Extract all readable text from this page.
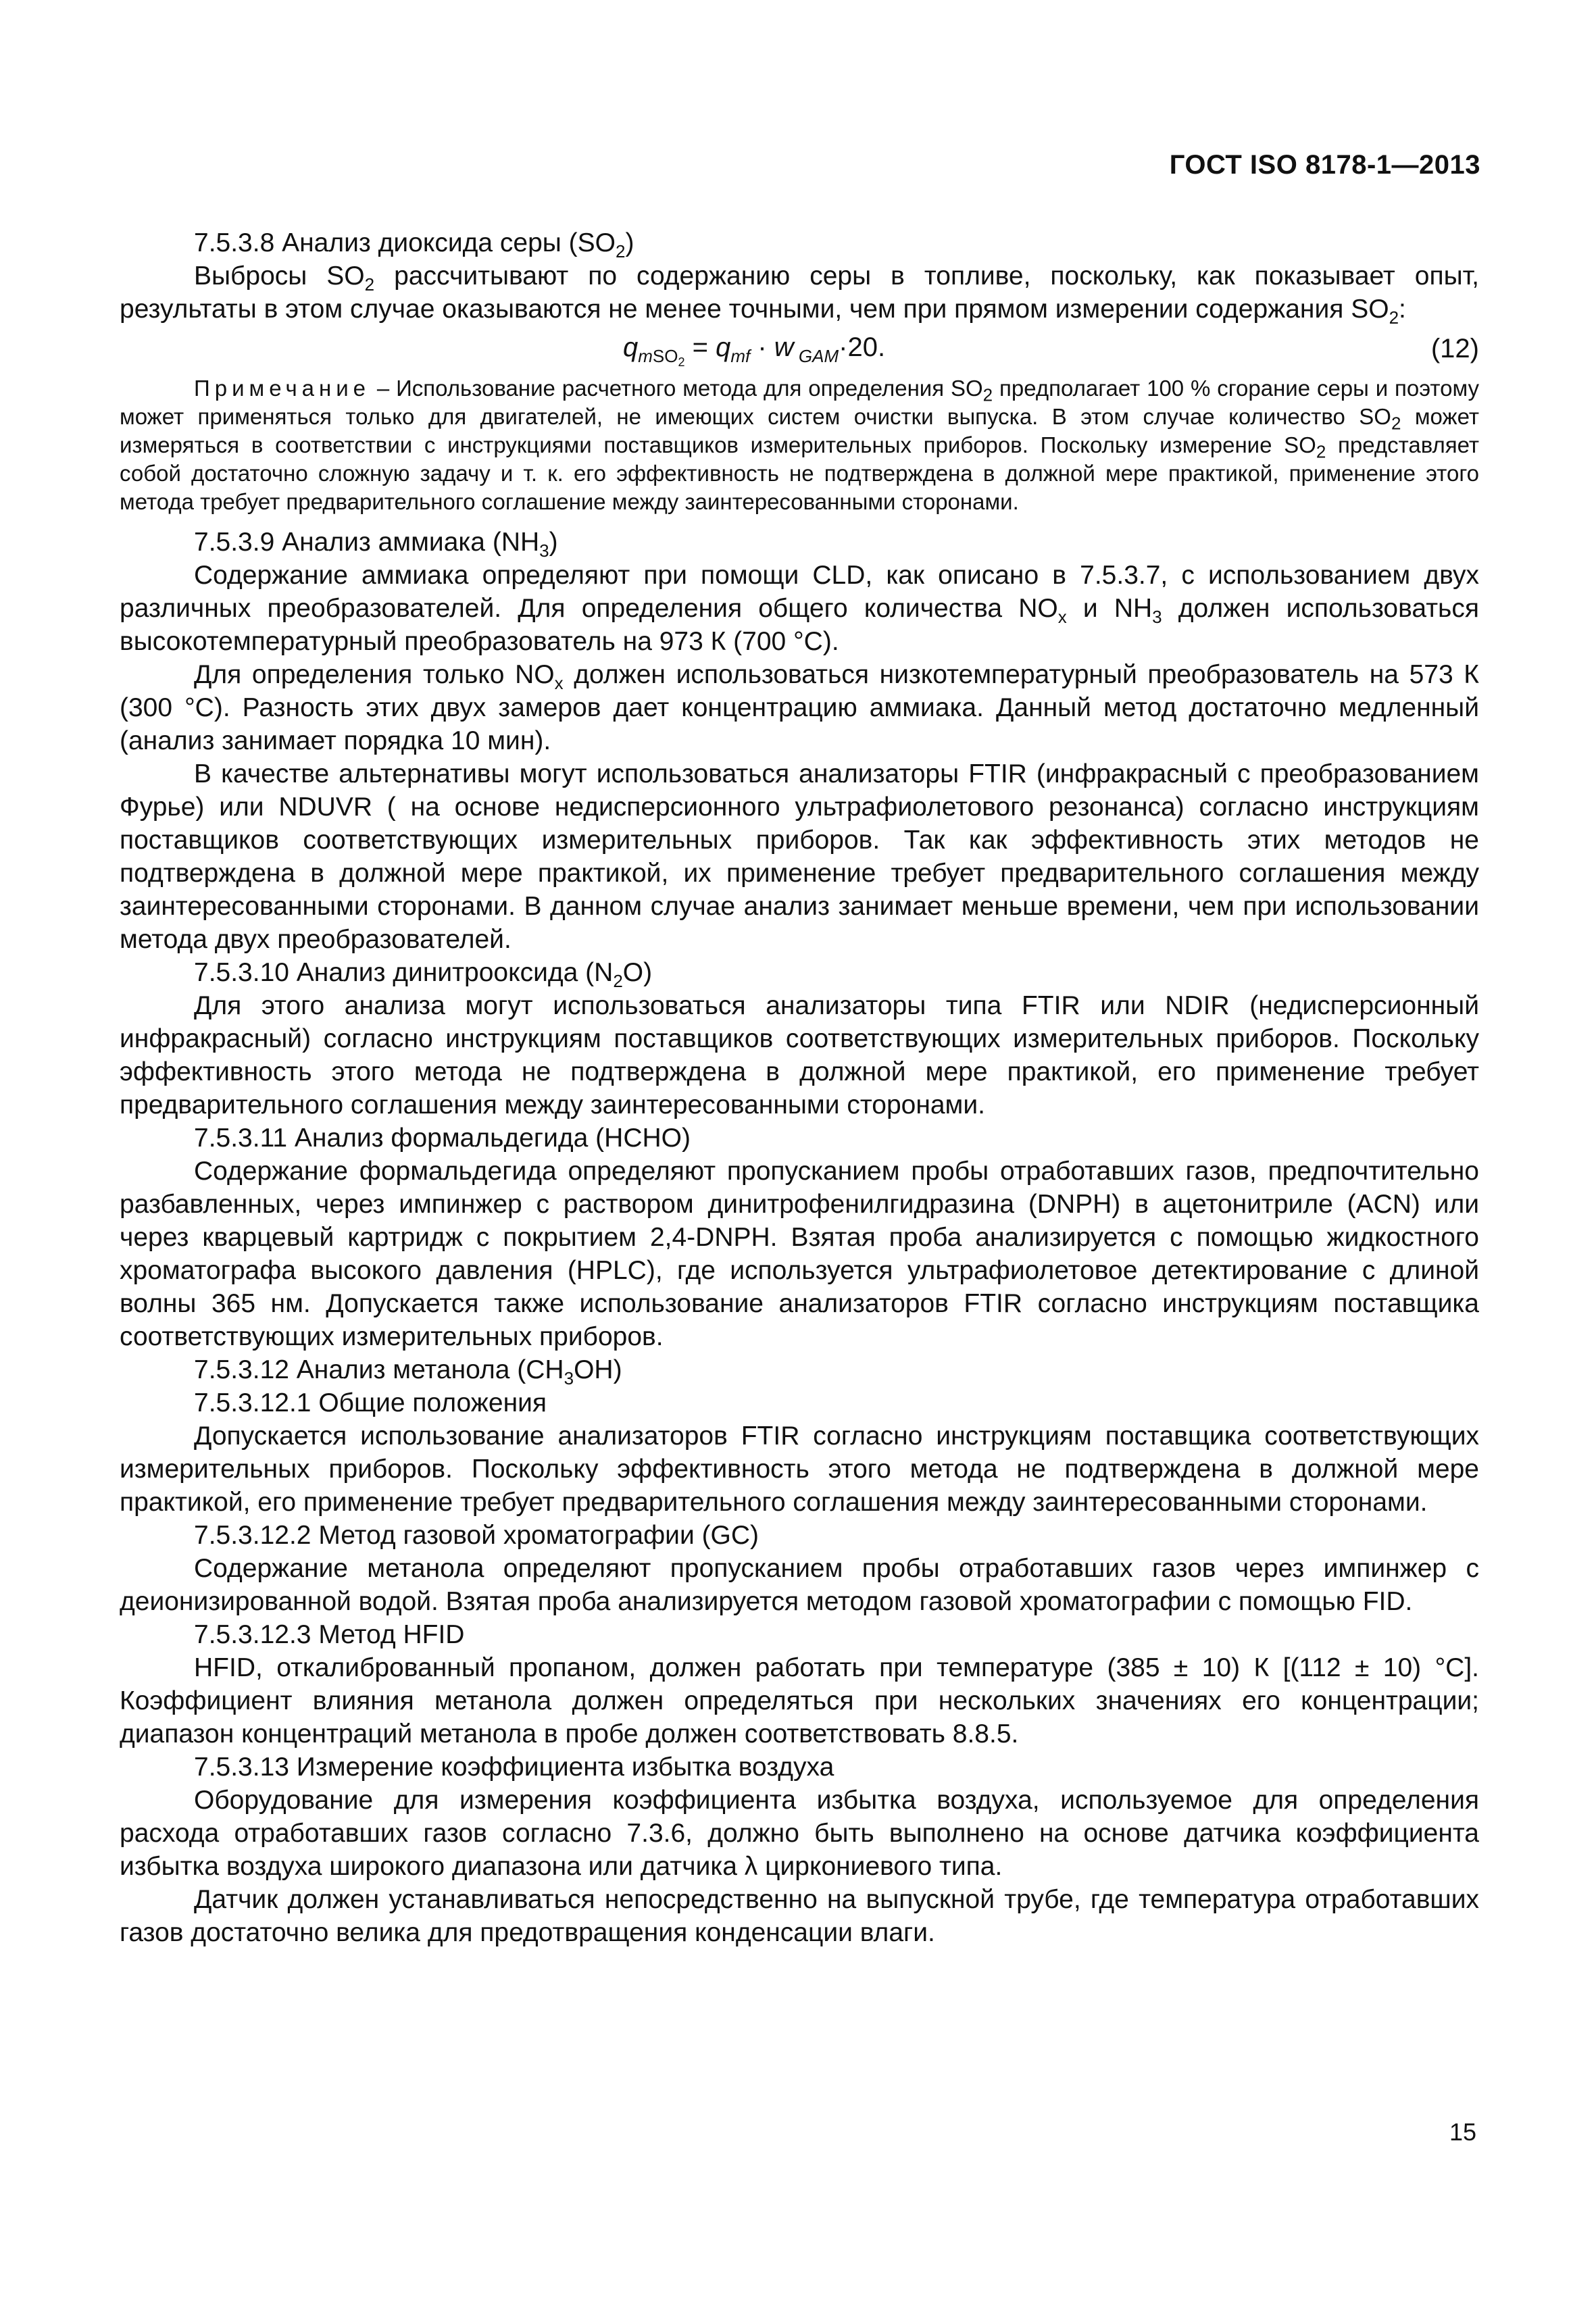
ГОСТ ISO 8178-1—2013

7.5.3.8 Анализ диоксида серы $(SO_2)$

Выбросы $SO_2$ рассчитывают по содержанию серы в топливе, поскольку, как показывает опыт, результаты в этом случае оказываются не менее точными, чем при прямом измерении содержания $SO_2$:

$q_{mSO_2} = q_{mf} \cdot w$ $_{GAM}$·20.	(12)

Примечание – Использование расчетного метода для определения $SO_2$ предполагает 100 % сгорание серы и поэтому может применяться только для двигателей, не имеющих систем очистки выпуска. В этом случае количество $SO_2$ может измеряться в соответствии с инструкциями поставщиков измерительных приборов. Поскольку измерение $SO_2$ представляет собой достаточно сложную задачу и т. к. его эффективность не подтверждена в должной мере практикой, применение этого метода требует предварительного соглашение между заинтересованными сторонами.

7.5.3.9 Анализ аммиака $(NH_3)$

Содержание аммиака определяют при помощи CLD, как описано в 7.5.3.7, с использованием двух различных преобразователей. Для определения общего количества $NO_x$ и $NH_3$ должен использоваться высокотемпературный преобразователь на 973 К (700 °C).

Для определения только $NO_x$ должен использоваться низкотемпературный преобразователь на 573 К (300 °C). Разность этих двух замеров дает концентрацию аммиака. Данный метод достаточно медленный (анализ занимает порядка 10 мин).

В качестве альтернативы могут использоваться анализаторы FTIR (инфракрасный с преобразованием Фурье) или NDUVR ( на основе недисперсионного ультрафиолетового резонанса) согласно инструкциям поставщиков соответствующих измерительных приборов. Так как эффективность этих методов не подтверждена в должной мере практикой, их применение требует предварительного соглашения между заинтересованными сторонами. В данном случае анализ занимает меньше времени, чем при использовании метода двух преобразователей.

7.5.3.10 Анализ динитрооксида $(N_2O)$

Для этого анализа могут использоваться анализаторы типа FTIR или NDIR (недисперсионный инфракрасный) согласно инструкциям поставщиков соответствующих измерительных приборов. Поскольку эффективность этого метода не подтверждена в должной мере практикой, его применение требует предварительного соглашения между заинтересованными сторонами.

7.5.3.11 Анализ формальдегида (HCHO)

Содержание формальдегида определяют пропусканием пробы отработавших газов, предпочтительно разбавленных, через импинжер с раствором динитрофенилгидразина (DNPH) в ацетонитриле (ACN) или через кварцевый картридж с покрытием 2,4-DNPH. Взятая проба анализируется с помощью жидкостного хроматографа высокого давления (HPLC), где используется ультрафиолетовое детектирование с длиной волны 365 нм. Допускается также использование анализаторов FTIR согласно инструкциям поставщика соответствующих измерительных приборов.

7.5.3.12 Анализ метанола $(CH_3OH)$

7.5.3.12.1 Общие положения

Допускается использование анализаторов FTIR согласно инструкциям поставщика соответствующих измерительных приборов. Поскольку эффективность этого метода не подтверждена в должной мере практикой, его применение требует предварительного соглашения между заинтересованными сторонами.

7.5.3.12.2 Метод газовой хроматографии (GC)

Содержание метанола определяют пропусканием пробы отработавших газов через импинжер с деионизированной водой. Взятая проба анализируется методом газовой хроматографии с помощью FID.

7.5.3.12.3 Метод HFID

HFID, откалиброванный пропаном, должен работать при температуре (385 ± 10) К [(112 ± 10) °C]. Коэффициент влияния метанола должен определяться при нескольких значениях его концентрации; диапазон концентраций метанола в пробе должен соответствовать 8.8.5.

7.5.3.13 Измерение коэффициента избытка воздуха

Оборудование для измерения коэффициента избытка воздуха, используемое для определения расхода отработавших газов согласно 7.3.6, должно быть выполнено на основе датчика коэффициента избытка воздуха широкого диапазона или датчика λ циркониевого типа.

Датчик должен устанавливаться непосредственно на выпускной трубе, где температура отработавших газов достаточно велика для предотвращения конденсации влаги.

15
